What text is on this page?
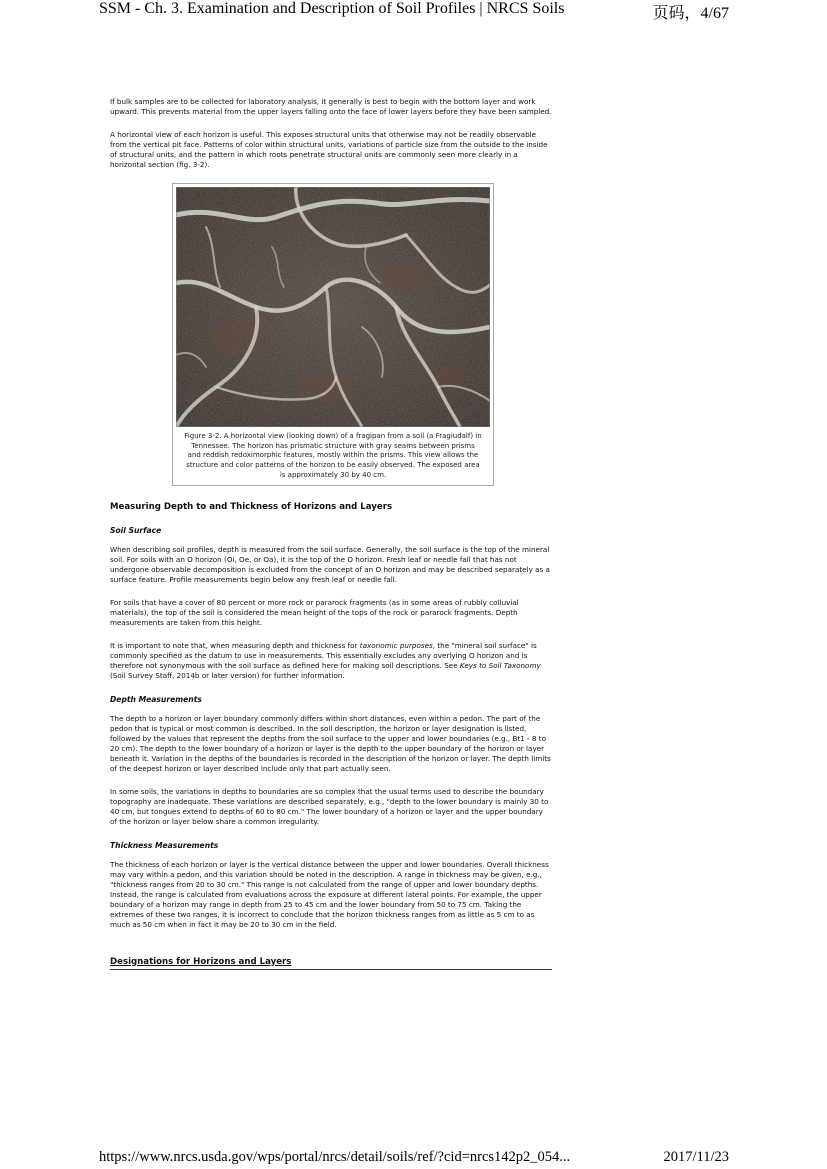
SSM - Ch. 3. Examination and Description of Soil Profiles | NRCS Soils	页码，4/67

If bulk samples are to be collected for laboratory analysis, it generally is best to begin with the bottom layer and work upward. This prevents material from the upper layers falling onto the face of lower layers before they have been sampled.

A horizontal view of each horizon is useful. This exposes structural units that otherwise may not be readily observable from the vertical pit face. Patterns of color within structural units, variations of particle size from the outside to the inside of structural units, and the pattern in which roots penetrate structural units are commonly seen more clearly in a horizontal section (fig. 3-2).

Figure 3-2. A horizontal view (looking down) of a fragipan from a soil (a Fragiudalf) in Tennessee. The horizon has prismatic structure with gray seams between prisms and reddish redoximorphic features, mostly within the prisms. This view allows the structure and color patterns of the horizon to be easily observed. The exposed area is approximately 30 by 40 cm.
Measuring Depth to and Thickness of Horizons and Layers
Soil Surface

When describing soil profiles, depth is measured from the soil surface. Generally, the soil surface is the top of the mineral soil. For soils with an O horizon (Oi, Oe, or Oa), it is the top of the O horizon. Fresh leaf or needle fall that has not undergone observable decomposition is excluded from the concept of an O horizon and may be described separately as a surface feature. Profile measurements begin below any fresh leaf or needle fall.

For soils that have a cover of 80 percent or more rock or pararock fragments (as in some areas of rubbly colluvial materials), the top of the soil is considered the mean height of the tops of the rock or pararock fragments. Depth measurements are taken from this height.

It is important to note that, when measuring depth and thickness for taxonomic purposes, the "mineral soil surface" is commonly specified as the datum to use in measurements. This essentially excludes any overlying O horizon and is therefore not synonymous with the soil surface as defined here for making soil descriptions. See Keys to Soil Taxonomy (Soil Survey Staff, 2014b or later version) for further information.

Depth Measurements

The depth to a horizon or layer boundary commonly differs within short distances, even within a pedon. The part of the pedon that is typical or most common is described. In the soil description, the horizon or layer designation is listed, followed by the values that represent the depths from the soil surface to the upper and lower boundaries (e.g., Bt1 - 8 to 20 cm). The depth to the lower boundary of a horizon or layer is the depth to the upper boundary of the horizon or layer beneath it. Variation in the depths of the boundaries is recorded in the description of the horizon or layer. The depth limits of the deepest horizon or layer described include only that part actually seen.

In some soils, the variations in depths to boundaries are so complex that the usual terms used to describe the boundary topography are inadequate. These variations are described separately, e.g., "depth to the lower boundary is mainly 30 to 40 cm, but tongues extend to depths of 60 to 80 cm." The lower boundary of a horizon or layer and the upper boundary of the horizon or layer below share a common irregularity.

Thickness Measurements

The thickness of each horizon or layer is the vertical distance between the upper and lower boundaries. Overall thickness may vary within a pedon, and this variation should be noted in the description. A range in thickness may be given, e.g., "thickness ranges from 20 to 30 cm." This range is not calculated from the range of upper and lower boundary depths. Instead, the range is calculated from evaluations across the exposure at different lateral points. For example, the upper boundary of a horizon may range in depth from 25 to 45 cm and the lower boundary from 50 to 75 cm. Taking the extremes of these two ranges, it is incorrect to conclude that the horizon thickness ranges from as little as 5 cm to as much as 50 cm when in fact it may be 20 to 30 cm in the field.

Designations for Horizons and Layers
https://www.nrcs.usda.gov/wps/portal/nrcs/detail/soils/ref/?cid=nrcs142p2_054...	2017/11/23
